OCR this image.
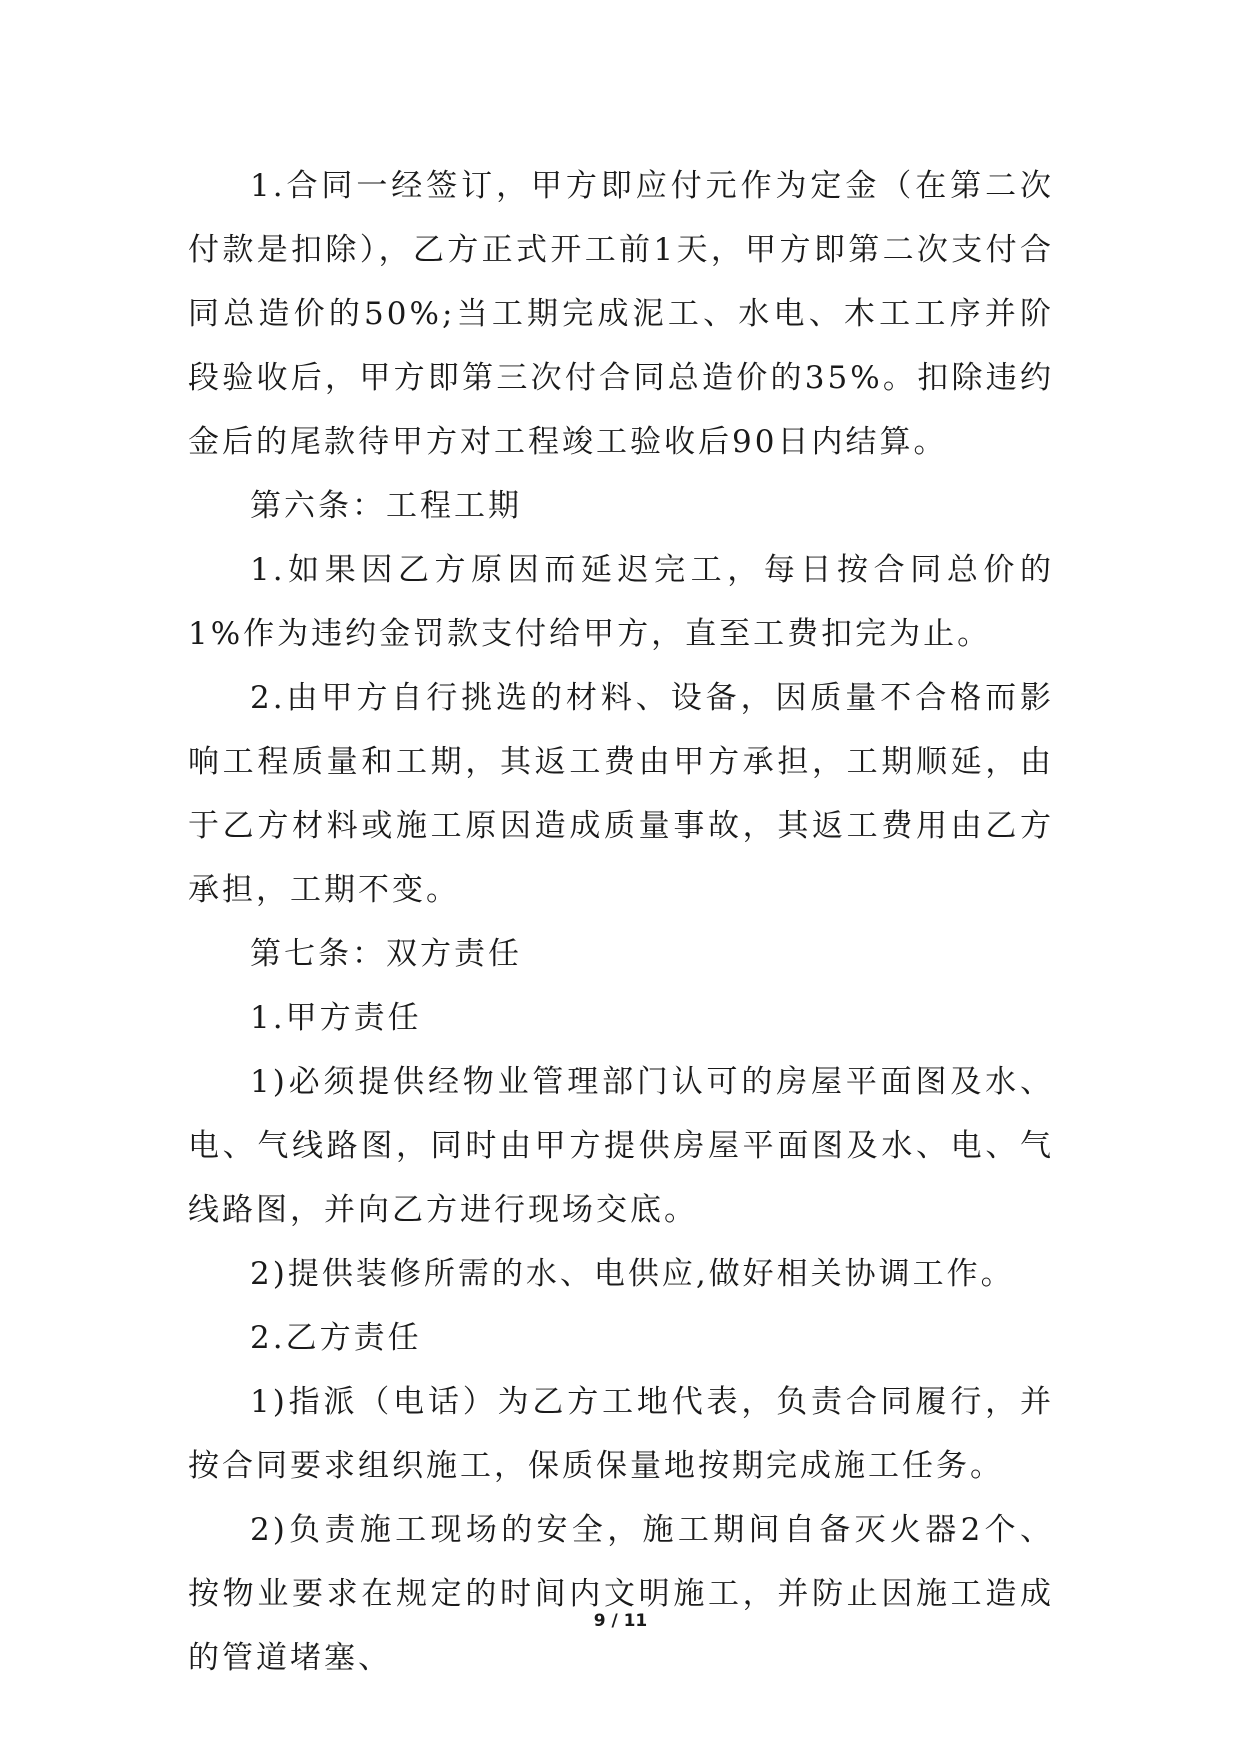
1.合同一经签订，甲方即应付元作为定金（在第二次付款是扣除），乙方正式开工前1天，甲方即第二次支付合同总造价的50%;当工期完成泥工、水电、木工工序并阶段验收后，甲方即第三次付合同总造价的35%。扣除违约金后的尾款待甲方对工程竣工验收后90日内结算。

第六条：工程工期

1.如果因乙方原因而延迟完工，每日按合同总价的1%作为违约金罚款支付给甲方，直至工费扣完为止。

2.由甲方自行挑选的材料、设备，因质量不合格而影响工程质量和工期，其返工费由甲方承担，工期顺延，由于乙方材料或施工原因造成质量事故，其返工费用由乙方承担，工期不变。

第七条：双方责任

1.甲方责任

1)必须提供经物业管理部门认可的房屋平面图及水、电、气线路图，同时由甲方提供房屋平面图及水、电、气线路图，并向乙方进行现场交底。

2)提供装修所需的水、电供应,做好相关协调工作。

2.乙方责任

1)指派（电话）为乙方工地代表，负责合同履行，并按合同要求组织施工，保质保量地按期完成施工任务。

2)负责施工现场的安全，施工期间自备灭火器2个、按物业要求在规定的时间内文明施工，并防止因施工造成的管道堵塞、

9 / 11
